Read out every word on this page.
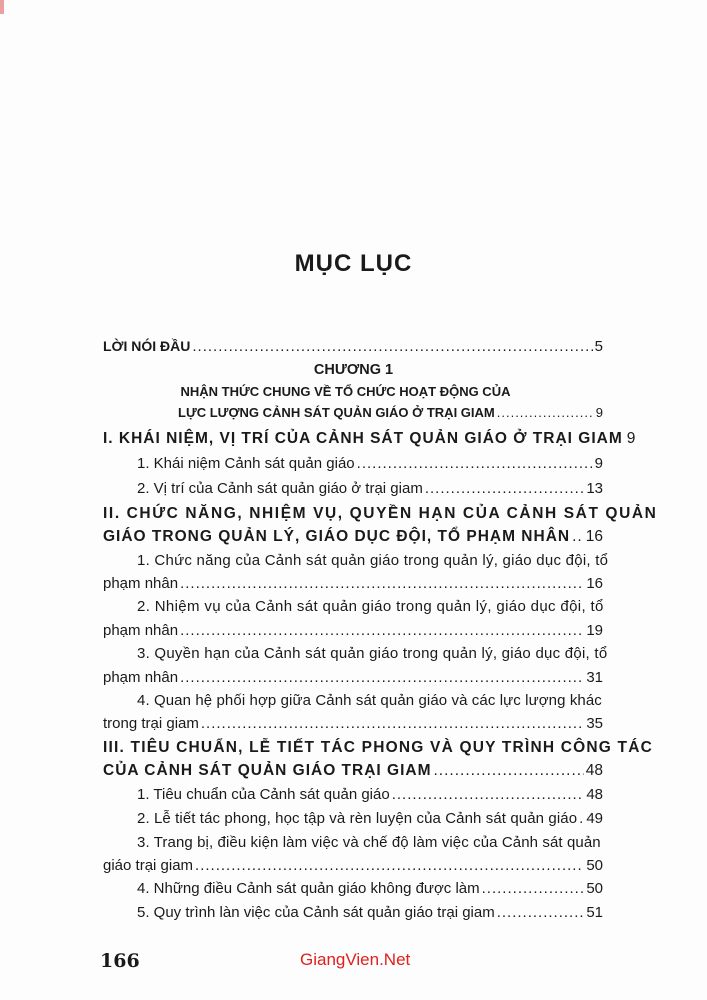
MỤC LỤC
LỜI NÓI ĐẦU .....	5
CHƯƠNG 1
NHẬN THỨC CHUNG VỀ TỔ CHỨC HOẠT ĐỘNG CỦA
LỰC LƯỢNG CẢNH SÁT QUẢN GIÁO Ở TRẠI GIAM .....	9
I. KHÁI NIỆM, VỊ TRÍ CỦA CẢNH SÁT QUẢN GIÁO Ở TRẠI GIAM 9
1. Khái niệm Cảnh sát quản giáo .....	9
2. Vị trí của Cảnh sát quản giáo ở trại giam .....	13
II. CHỨC NĂNG, NHIỆM VỤ, QUYỀN HẠN CỦA CẢNH SÁT QUẢN
GIÁO TRONG QUẢN LÝ, GIÁO DỤC ĐỘI, TỔ PHẠM NHÂN ..... 16
1. Chức năng của Cảnh sát quản giáo trong quản lý, giáo dục đội, tổ
phạm nhân .....	16
2. Nhiệm vụ của Cảnh sát quản giáo trong quản lý, giáo dục đội, tổ
phạm nhân .....	19
3. Quyền hạn của Cảnh sát quản giáo trong quản lý, giáo dục đội, tổ
phạm nhân .....	31
4. Quan hệ phối hợp giữa Cảnh sát quản giáo và các lực lượng khác
trong trại giam .....	35
III. TIÊU CHUẨN, LỄ TIẾT TÁC PHONG VÀ QUY TRÌNH CÔNG TÁC
CỦA CẢNH SÁT QUẢN GIÁO TRẠI GIAM .....	48
1. Tiêu chuẩn của Cảnh sát quản giáo .....	48
2. Lễ tiết tác phong, học tập và rèn luyện của Cảnh sát quản giáo ..... 49
3. Trang bị, điều kiện làm việc và chế độ làm việc của Cảnh sát quản
giáo trại giam .....	50
4. Những điều Cảnh sát quản giáo không được làm .....	50
5. Quy trình làn việc của Cảnh sát quản giáo trại giam .....	51
166	GiangVien.Net
